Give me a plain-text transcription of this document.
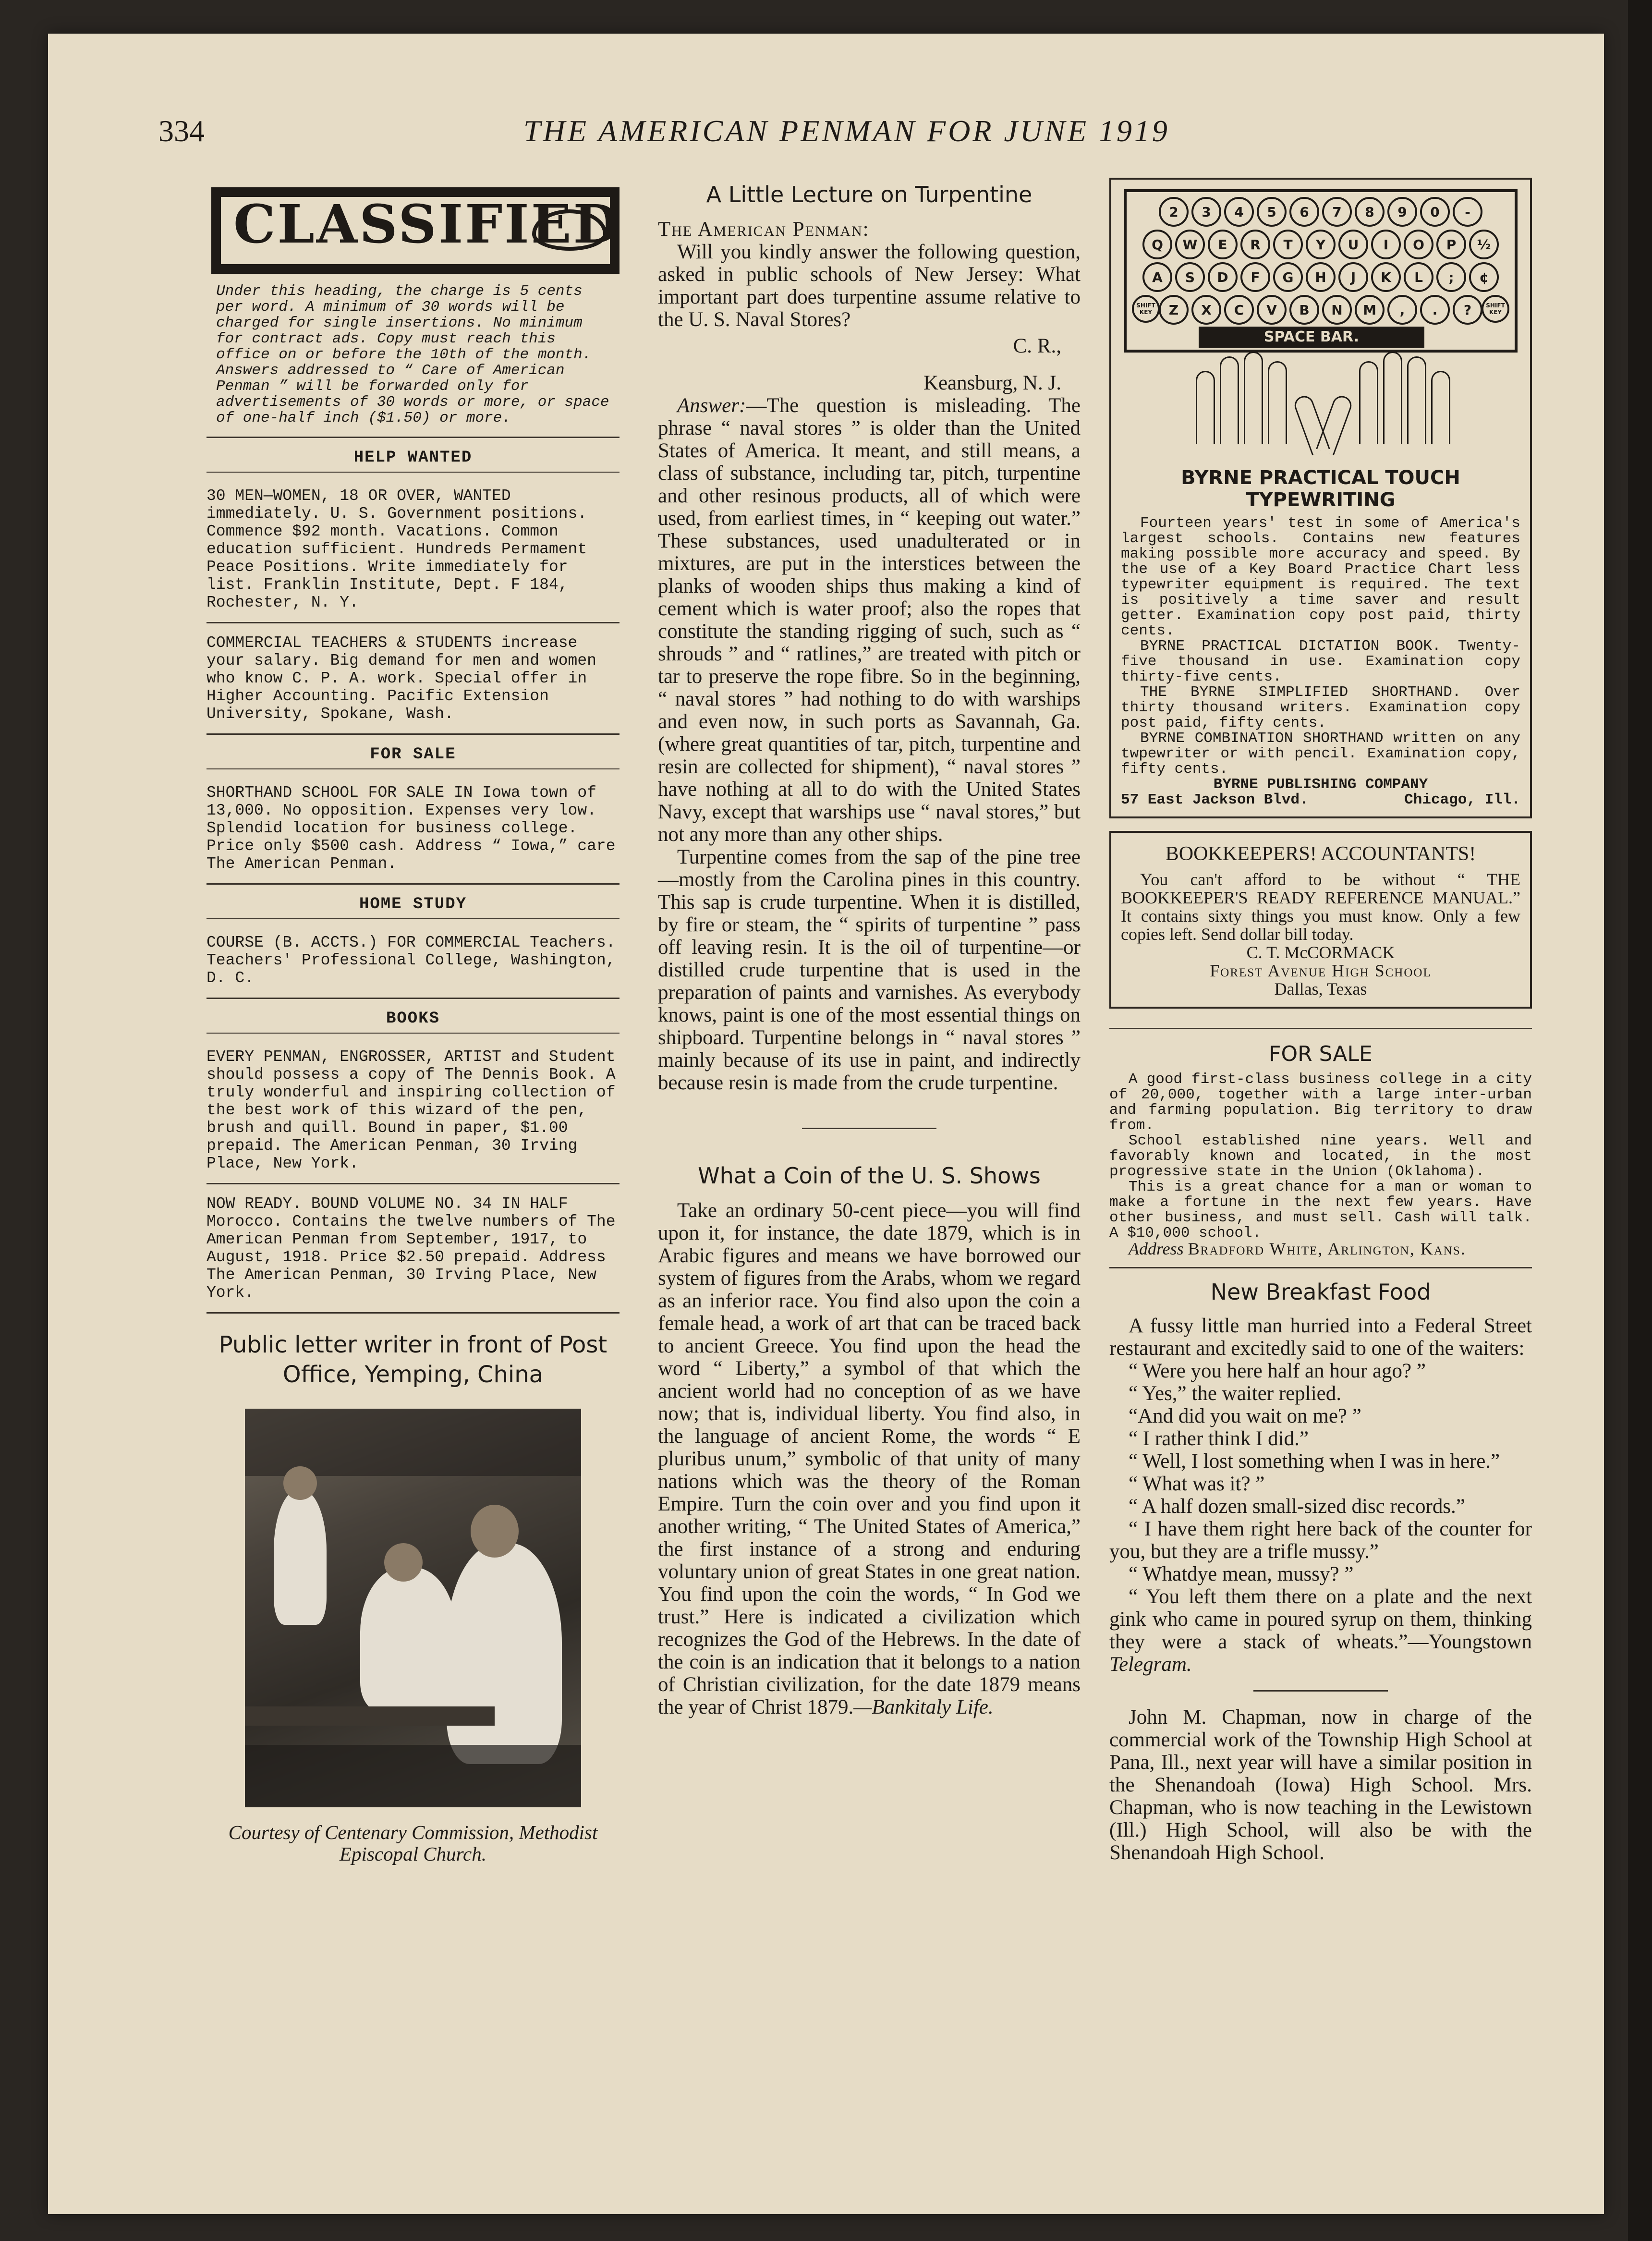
334	THE AMERICAN PENMAN FOR JUNE 1919
CLASSIFIED
Under this heading, the charge is 5 cents per word. A minimum of 30 words will be charged for single insertions. No minimum for contract ads. Copy must reach this office on or before the 10th of the month. Answers addressed to “ Care of American Penman ” will be forwarded only for advertisements of 30 words or more, or space of one-half inch ($1.50) or more.
HELP WANTED
30 MEN—WOMEN, 18 OR OVER, WANTED immediately. U. S. Government positions. Commence $92 month. Vacations. Common education sufficient. Hundreds Permament Peace Positions. Write immediately for list. Franklin Institute, Dept. F 184, Rochester, N. Y.
COMMERCIAL TEACHERS & STUDENTS increase your salary. Big demand for men and women who know C. P. A. work. Special offer in Higher Accounting. Pacific Extension University, Spokane, Wash.
FOR SALE
SHORTHAND SCHOOL FOR SALE IN Iowa town of 13,000. No opposition. Expenses very low. Splendid location for business college. Price only $500 cash. Address “ Iowa,” care The American Penman.
HOME STUDY
COURSE (B. ACCTS.) FOR COMMERCIAL Teachers. Teachers' Professional College, Washington, D. C.
BOOKS
EVERY PENMAN, ENGROSSER, ARTIST and Student should possess a copy of The Dennis Book. A truly wonderful and inspiring collection of the best work of this wizard of the pen, brush and quill. Bound in paper, $1.00 prepaid. The American Penman, 30 Irving Place, New York.
NOW READY. BOUND VOLUME NO. 34 IN HALF Morocco. Contains the twelve numbers of The American Penman from September, 1917, to August, 1918. Price $2.50 prepaid. Address The American Penman, 30 Irving Place, New York.
Public letter writer in front of Post Office, Yemping, China
Courtesy of Centenary Commission, Methodist Episcopal Church.
A Little Lecture on Turpentine

The American Penman:

Will you kindly answer the following question, asked in public schools of New Jersey: What important part does turpentine assume relative to the U. S. Naval Stores?

C. R.,

Keansburg, N. J.

Answer:—The question is misleading. The phrase “ naval stores ” is older than the United States of America. It meant, and still means, a class of substance, including tar, pitch, turpentine and other resinous products, all of which were used, from earliest times, in “ keeping out water.” These substances, used unadulterated or in mixtures, are put in the interstices between the planks of wooden ships thus making a kind of cement which is water proof; also the ropes that constitute the standing rigging of such, such as “ shrouds ” and “ ratlines,” are treated with pitch or tar to preserve the rope fibre. So in the beginning, “ naval stores ” had nothing to do with warships and even now, in such ports as Savannah, Ga. (where great quantities of tar, pitch, turpentine and resin are collected for shipment), “ naval stores ” have nothing at all to do with the United States Navy, except that warships use “ naval stores,” but not any more than any other ships.

Turpentine comes from the sap of the pine tree—mostly from the Carolina pines in this country. This sap is crude turpentine. When it is distilled, by fire or steam, the “ spirits of turpentine ” pass off leaving resin. It is the oil of turpentine—or distilled crude turpentine that is used in the preparation of paints and varnishes. As everybody knows, paint is one of the most essential things on shipboard. Turpentine belongs in “ naval stores ” mainly because of its use in paint, and indirectly because resin is made from the crude turpentine.

What a Coin of the U. S. Shows

Take an ordinary 50-cent piece—you will find upon it, for instance, the date 1879, which is in Arabic figures and means we have borrowed our system of figures from the Arabs, whom we regard as an inferior race. You find also upon the coin a female head, a work of art that can be traced back to ancient Greece. You find upon the head the word “ Liberty,” a symbol of that which the ancient world had no conception of as we have now; that is, individual liberty. You find also, in the language of ancient Rome, the words “ E pluribus unum,” symbolic of that unity of many nations which was the theory of the Roman Empire. Turn the coin over and you find upon it another writing, “ The United States of America,” the first instance of a strong and enduring voluntary union of great States in one great nation. You find upon the coin the words, “ In God we trust.” Here is indicated a civilization which recognizes the God of the Hebrews. In the date of the coin is an indication that it belongs to a nation of Christian civilization, for the date 1879 means the year of Christ 1879.—Bankitaly Life.

2	3	4	5	6	7	8	9	0	-
Q	W	E	R	T	Y	U	I	O	P	½
A	S	D	F	G	H	J	K	L	;	¢
Z	X	C	V	B	N	M	,	.	?
SHIFT KEY
SHIFT KEY
SPACE BAR.
BYRNE PRACTICAL TOUCH TYPEWRITING

Fourteen years' test in some of America's largest schools. Contains new features making possible more accuracy and speed. By the use of a Key Board Practice Chart less typewriter equipment is required. The text is positively a time saver and result getter. Examination copy post paid, thirty cents.

BYRNE PRACTICAL DICTATION BOOK. Twenty-five thousand in use. Examination copy thirty-five cents.

THE BYRNE SIMPLIFIED SHORTHAND. Over thirty thousand writers. Examination copy post paid, fifty cents.

BYRNE COMBINATION SHORTHAND written on any twpewriter or with pencil. Examination copy, fifty cents.

BYRNE PUBLISHING COMPANY

57 East Jackson Blvd.	Chicago, Ill.

BOOKKEEPERS! ACCOUNTANTS!

You can't afford to be without “ THE BOOKKEEPER'S READY REFERENCE MANUAL.” It contains sixty things you must know. Only a few copies left. Send dollar bill today.

C. T. McCORMACK

Forest Avenue High School

Dallas, Texas

FOR SALE

A good first-class business college in a city of 20,000, together with a large inter-urban and farming population. Big territory to draw from.

School established nine years. Well and favorably known and located, in the most progressive state in the Union (Oklahoma).

This is a great chance for a man or woman to make a fortune in the next few years. Have other business, and must sell. Cash will talk. A $10,000 school.

Address Bradford White, Arlington, Kans.

New Breakfast Food

A fussy little man hurried into a Federal Street restaurant and excitedly said to one of the waiters:

“ Were you here half an hour ago? ”

“ Yes,” the waiter replied.

“And did you wait on me? ”

“ I rather think I did.”

“ Well, I lost something when I was in here.”

“ What was it? ”

“ A half dozen small-sized disc records.”

“ I have them right here back of the counter for you, but they are a trifle mussy.”

“ Whatdye mean, mussy? ”

“ You left them there on a plate and the next gink who came in poured syrup on them, thinking they were a stack of wheats.”—Youngstown Telegram.

John M. Chapman, now in charge of the commercial work of the Township High School at Pana, Ill., next year will have a similar position in the Shenandoah (Iowa) High School. Mrs. Chapman, who is now teaching in the Lewistown (Ill.) High School, will also be with the Shenandoah High School.
